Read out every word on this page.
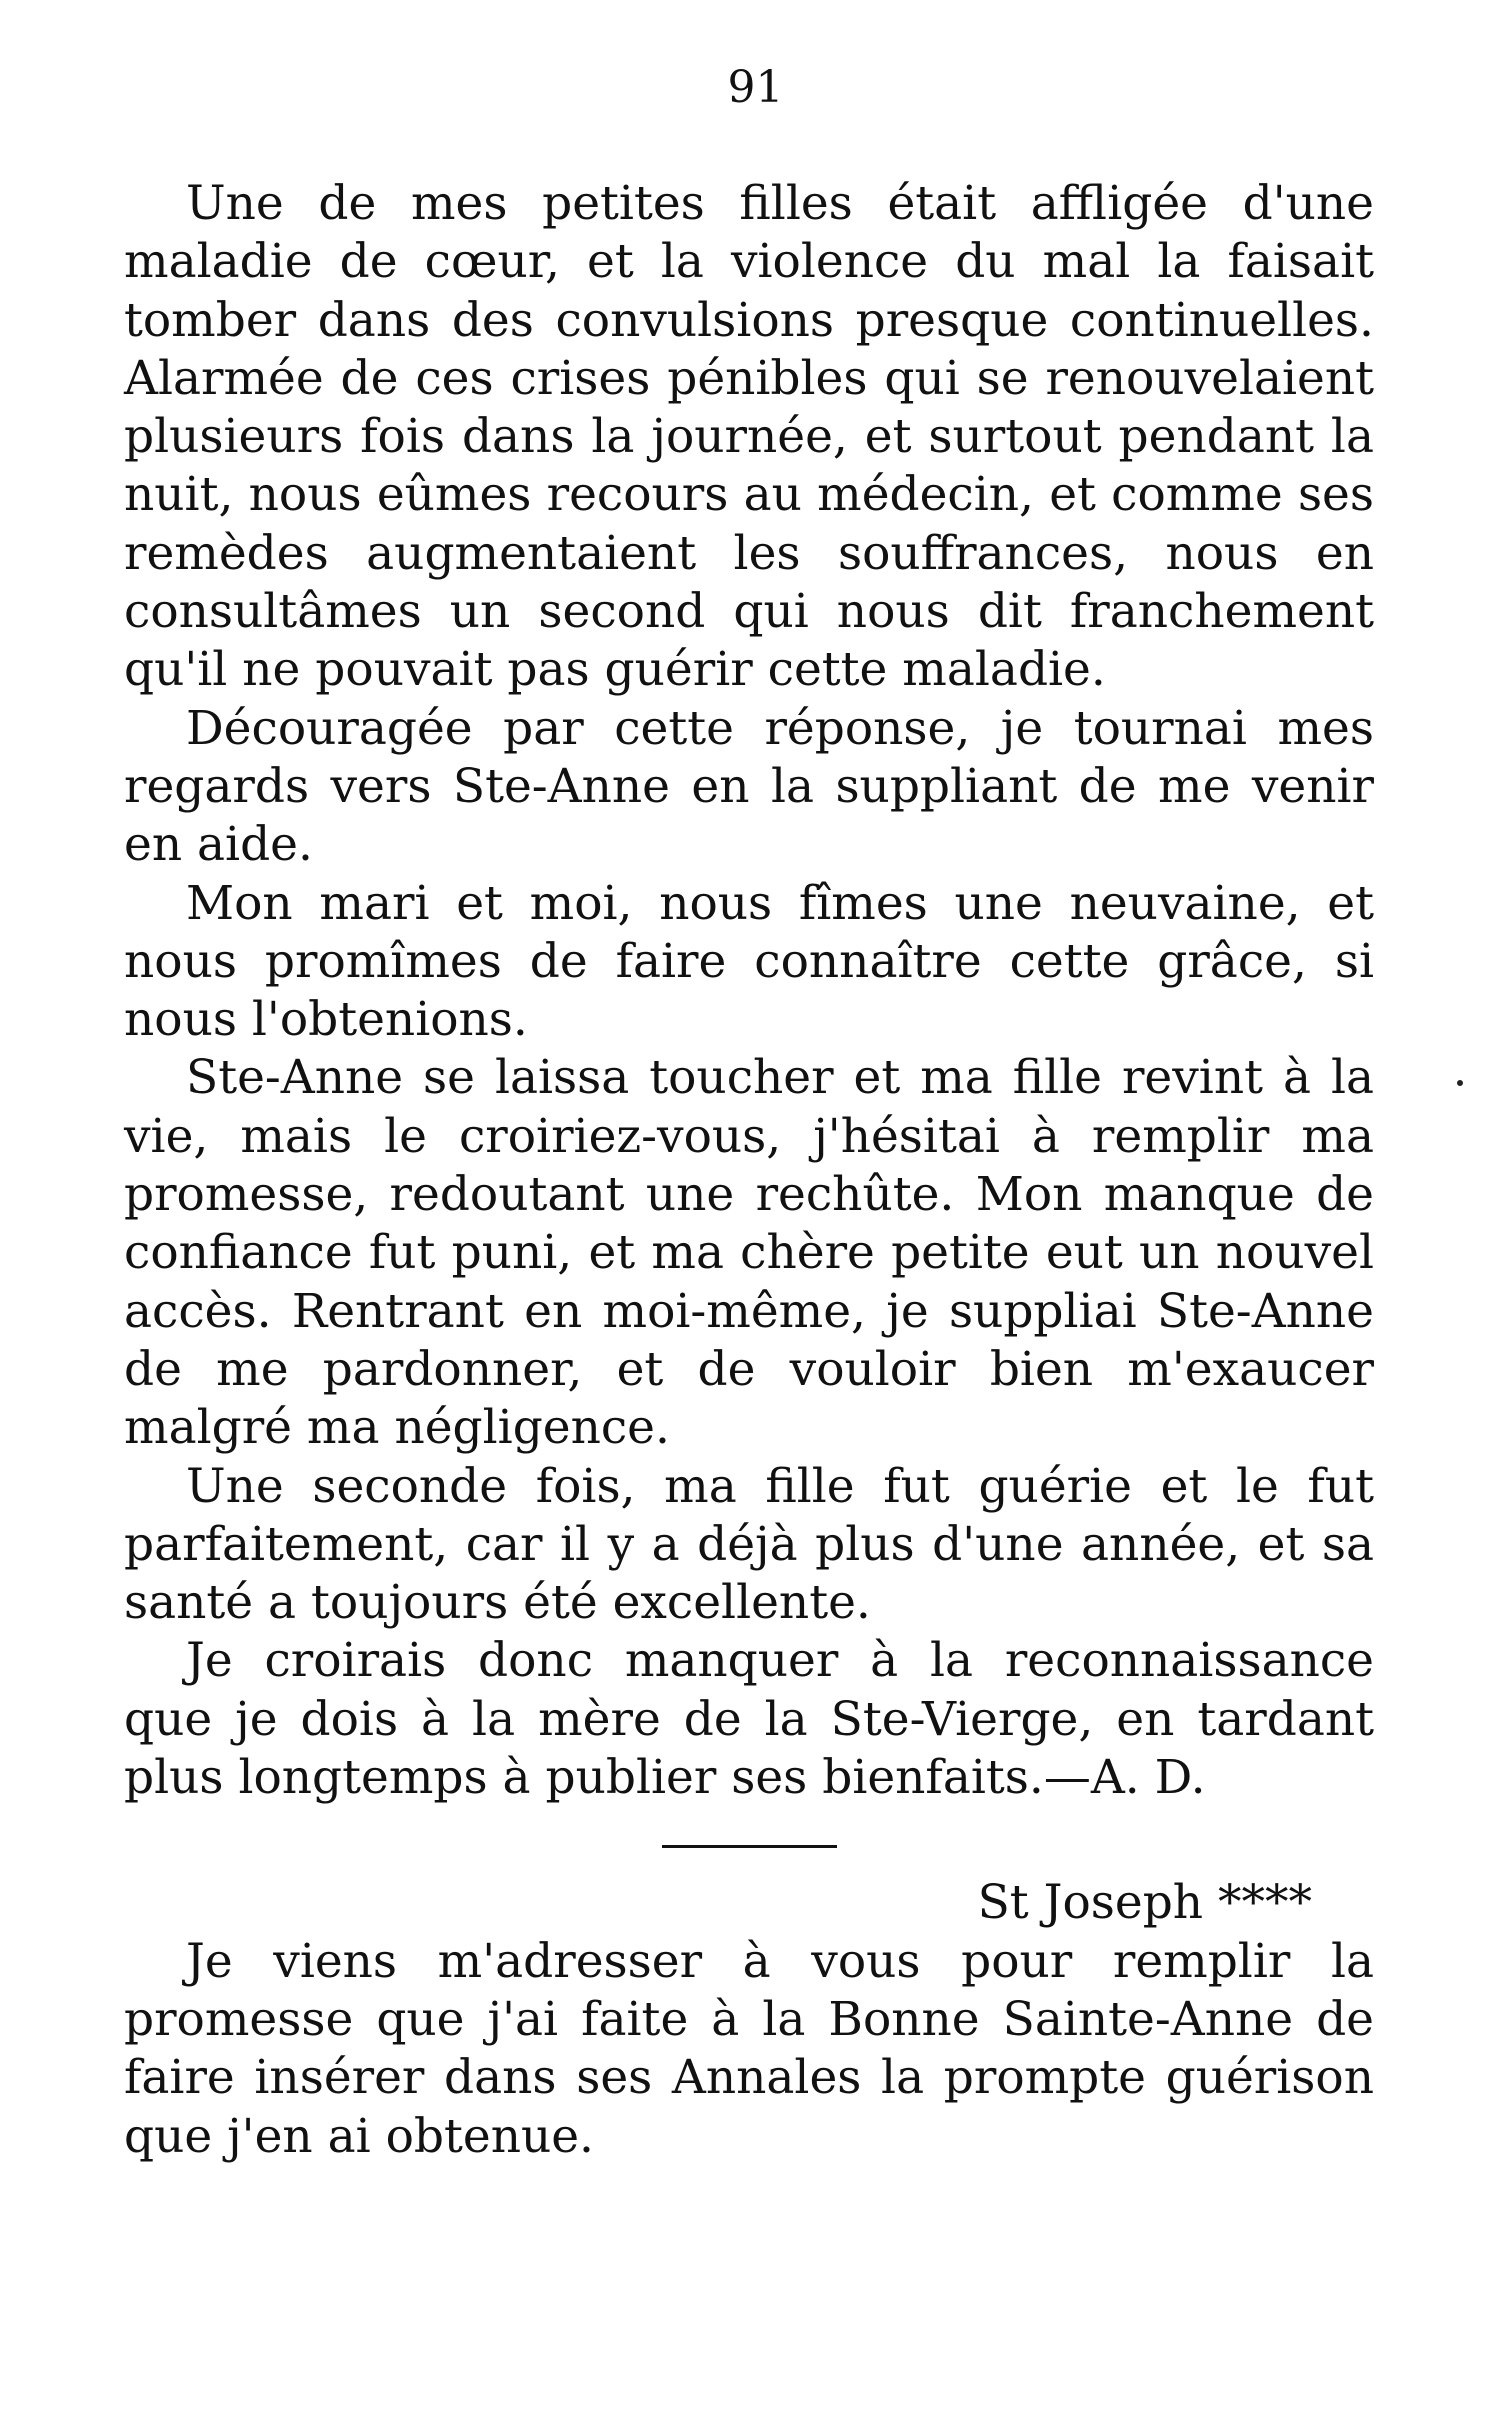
91

Une de mes petites filles était affligée d'une maladie de cœur, et la violence du mal la faisait tomber dans des convulsions presque continuelles. Alarmée de ces crises pénibles qui se renouvelaient plusieurs fois dans la journée, et surtout pendant la nuit, nous eûmes recours au médecin, et comme ses remèdes augmentaient les souffrances, nous en consultâmes un second qui nous dit franchement qu'il ne pouvait pas guérir cette maladie.

Découragée par cette réponse, je tournai mes regards vers Ste-Anne en la suppliant de me venir en aide.

Mon mari et moi, nous fîmes une neuvaine, et nous promîmes de faire connaître cette grâce, si nous l'obtenions.

Ste-Anne se laissa toucher et ma fille revint à la vie, mais le croiriez-vous, j'hésitai à remplir ma promesse, redoutant une rechûte. Mon manque de confiance fut puni, et ma chère petite eut un nouvel accès. Rentrant en moi-même, je suppliai Ste-Anne de me pardonner, et de vouloir bien m'exaucer malgré ma négligence.

Une seconde fois, ma fille fut guérie et le fut parfaitement, car il y a déjà plus d'une année, et sa santé a toujours été excellente.

Je croirais donc manquer à la reconnaissance que je dois à la mère de la Ste-Vierge, en tardant plus longtemps à publier ses bienfaits.—A. D.

St Joseph ****

Je viens m'adresser à vous pour remplir la promesse que j'ai faite à la Bonne Sainte-Anne de faire insérer dans ses Annales la prompte guérison que j'en ai obtenue.
